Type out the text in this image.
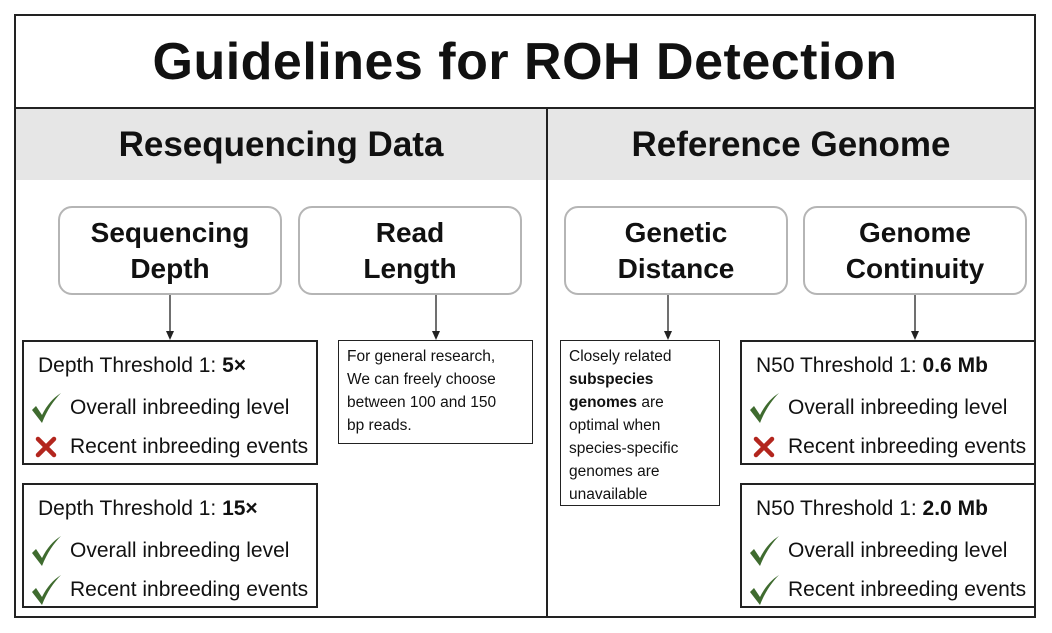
Guidelines for ROH Detection
Resequencing Data	Reference Genome
Sequencing
Depth
Read
Length
Genetic
Distance
Genome
Continuity
Depth Threshold 1: 5×
Overall inbreeding level
Recent inbreeding events
Depth Threshold 1: 15×
Overall inbreeding level
Recent inbreeding events
For general research,
We can freely choose
between 100 and 150
bp reads.
Closely related
subspecies
genomes are
optimal when
species-specific
genomes are
unavailable
N50 Threshold 1: 0.6 Mb
Overall inbreeding level
Recent inbreeding events
N50 Threshold 1: 2.0 Mb
Overall inbreeding level
Recent inbreeding events
